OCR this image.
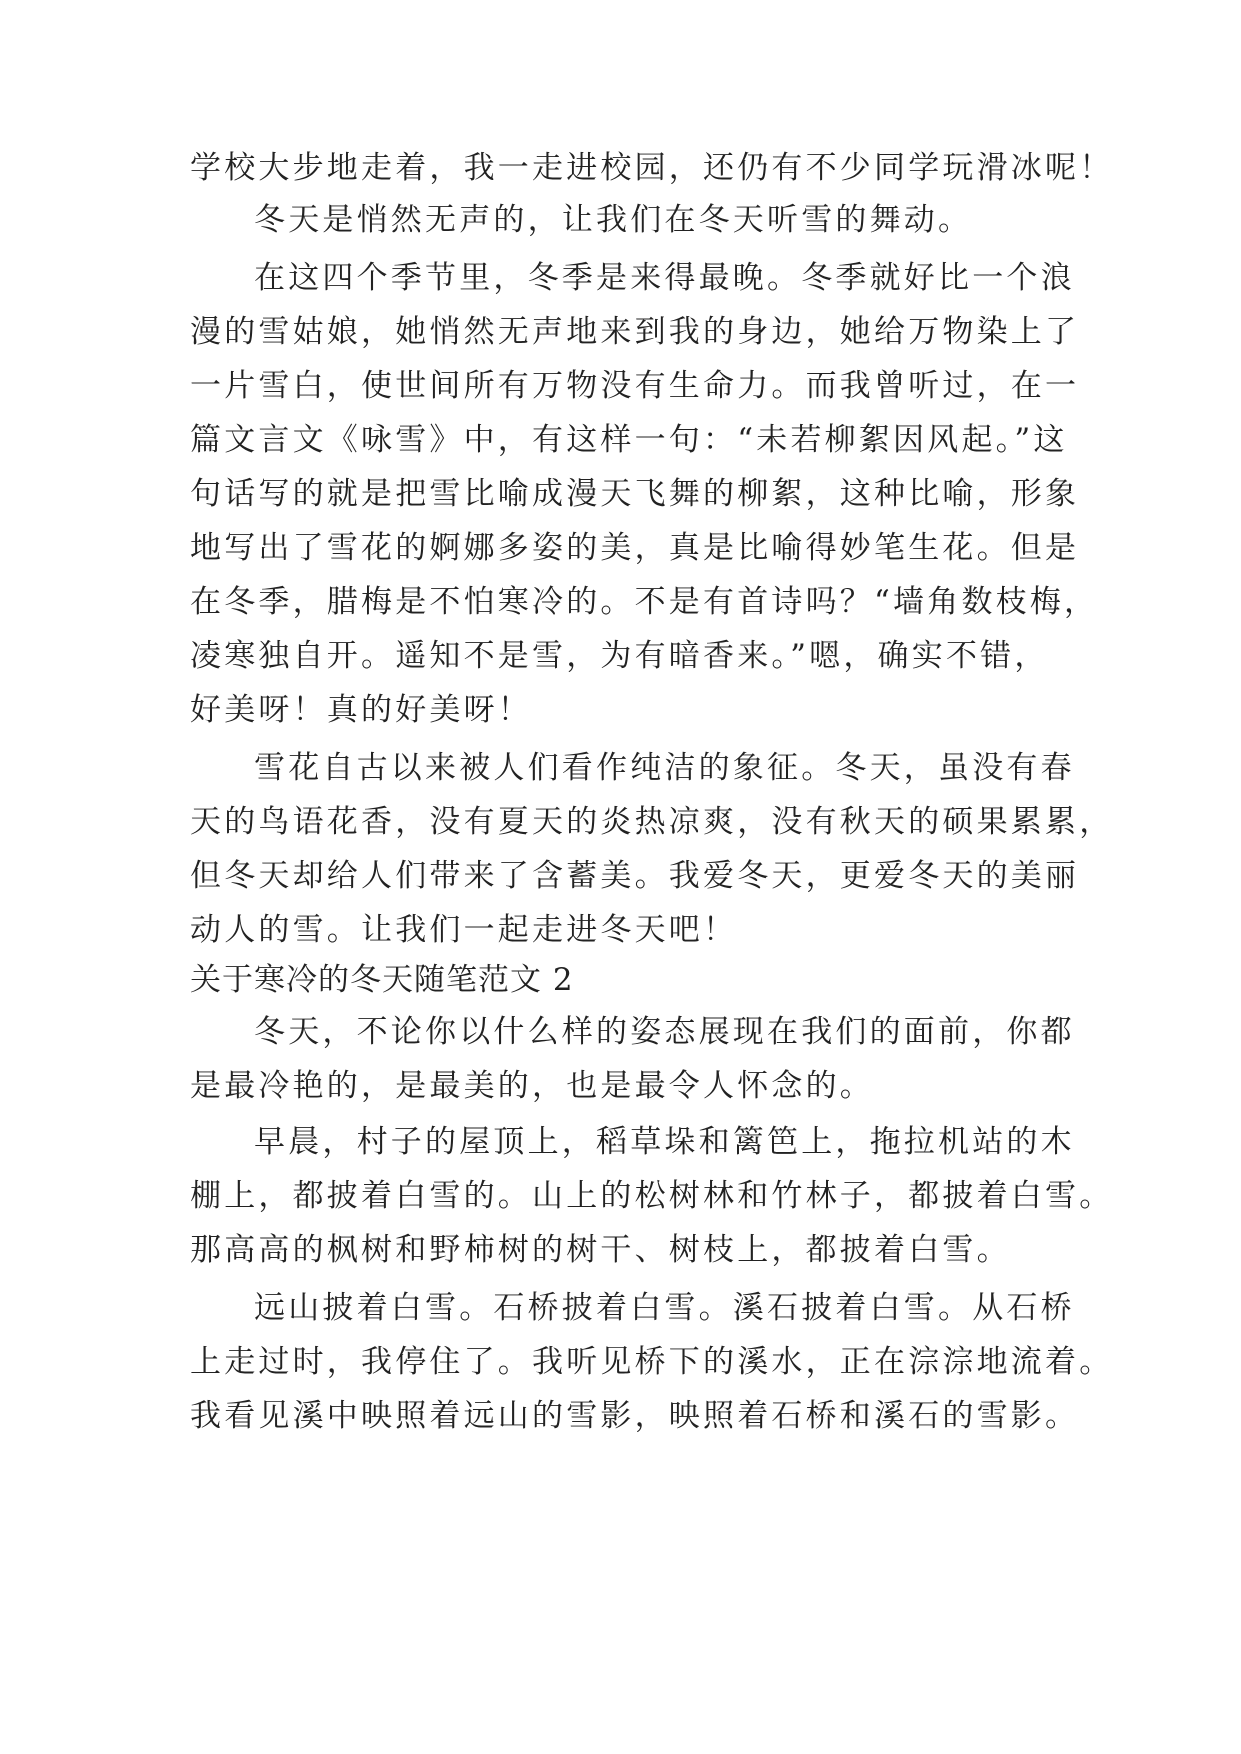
学校大步地走着，我一走进校园，还仍有不少同学玩滑冰呢！
冬天是悄然无声的，让我们在冬天听雪的舞动。
在这四个季节里，冬季是来得最晚。冬季就好比一个浪
漫的雪姑娘，她悄然无声地来到我的身边，她给万物染上了
一片雪白，使世间所有万物没有生命力。而我曾听过，在一
篇文言文《咏雪》中，有这样一句：“未若柳絮因风起。”这
句话写的就是把雪比喻成漫天飞舞的柳絮，这种比喻，形象
地写出了雪花的婀娜多姿的美，真是比喻得妙笔生花。但是
在冬季，腊梅是不怕寒冷的。不是有首诗吗？“墙角数枝梅，
凌寒独自开。遥知不是雪，为有暗香来。”嗯，确实不错，
好美呀！真的好美呀！
雪花自古以来被人们看作纯洁的象征。冬天，虽没有春
天的鸟语花香，没有夏天的炎热凉爽，没有秋天的硕果累累，
但冬天却给人们带来了含蓄美。我爱冬天，更爱冬天的美丽
动人的雪。让我们一起走进冬天吧！
关于寒冷的冬天随笔范文 2
冬天，不论你以什么样的姿态展现在我们的面前，你都
是最冷艳的，是最美的，也是最令人怀念的。
早晨，村子的屋顶上，稻草垛和篱笆上，拖拉机站的木
棚上，都披着白雪的。山上的松树林和竹林子，都披着白雪。
那高高的枫树和野柿树的树干、树枝上，都披着白雪。
远山披着白雪。石桥披着白雪。溪石披着白雪。从石桥
上走过时，我停住了。我听见桥下的溪水，正在淙淙地流着。
我看见溪中映照着远山的雪影，映照着石桥和溪石的雪影。
